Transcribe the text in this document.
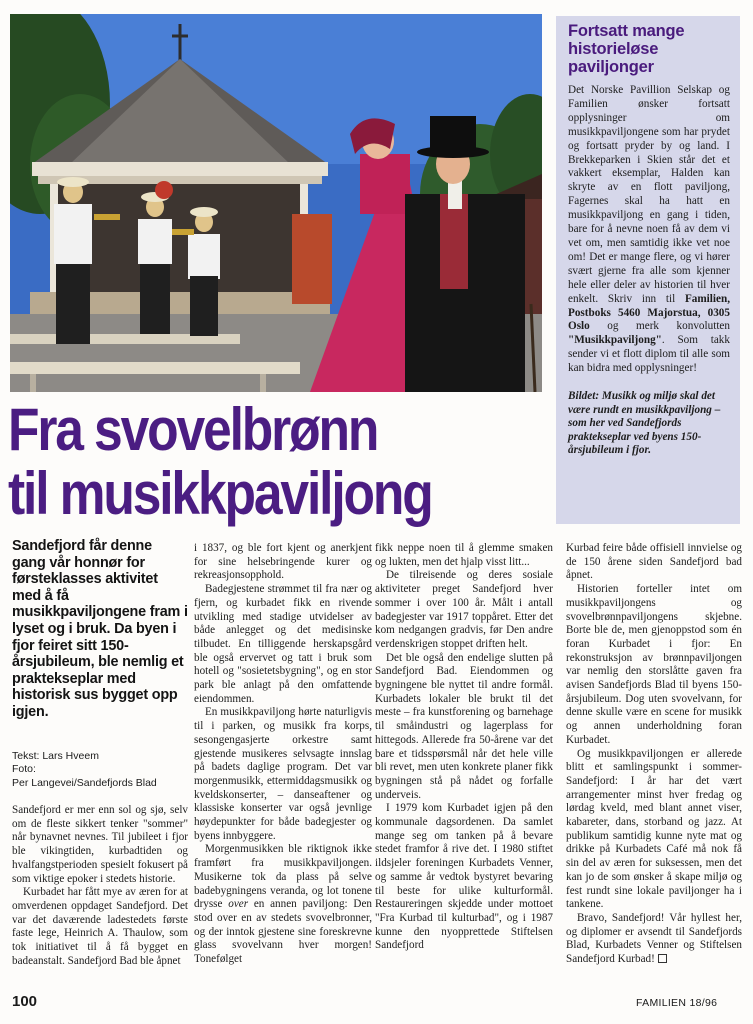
Fortsatt mange historieløse paviljonger

Det Norske Pavillion Selskap og Familien ønsker fortsatt opplysninger om musikkpaviljongene som har prydet og fortsatt pryder by og land. I Brekkeparken i Skien står det et vakkert eksemplar, Halden kan skryte av en flott paviljong, Fagernes skal ha hatt en musikkpaviljong en gang i tiden, bare for å nevne noen få av dem vi vet om, men samtidig ikke vet noe om! Det er mange flere, og vi hører svært gjerne fra alle som kjenner hele eller deler av historien til hver enkelt. Skriv inn til Familien, Postboks 5460 Majorstua, 0305 Oslo og merk konvolutten "Musikkpaviljong". Som takk sender vi et flott diplom til alle som kan bidra med opplysninger!

Bildet: Musikk og miljø skal det være rundt en musikkpaviljong – som her ved Sandefjords praktekseplar ved byens 150-årsjubileum i fjor.

Fra svovelbrønn
til musikkpaviljong

Sandefjord får denne gang vår honnør for førsteklasses aktivitet med å få musikkpaviljongene fram i lyset og i bruk. Da byen i fjor feiret sitt 150-årsjubileum, ble nemlig et praktekseplar med historisk sus bygget opp igjen.

Tekst: Lars Hveem
Foto:
Per Langevei/Sandefjords Blad

Sandefjord er mer enn sol og sjø, selv om de fleste sikkert tenker "sommer" når bynavnet nevnes. Til jubileet i fjor ble vikingtiden, kurbadtiden og hvalfangstperioden spesielt fokusert på som viktige epoker i stedets historie.

Kurbadet har fått mye av æren for at omverdenen oppdaget Sandefjord. Det var det daværende ladestedets første faste lege, Heinrich A. Thaulow, som tok initiativet til å få bygget en badeanstalt. Sandefjord Bad ble åpnet

i 1837, og ble fort kjent og anerkjent for sine helsebringende kurer og rekreasjonsopphold.

Badegjestene strømmet til fra nær og fjern, og kurbadet fikk en rivende utvikling med stadige utvidelser av både anlegget og det medisinske tilbudet. En tilliggende herskapsgård ble også ervervet og tatt i bruk som hotell og "sosietetsbygning", og en stor park ble anlagt på den omfattende eiendommen.

En musikkpaviljong hørte naturligvis til i parken, og musikk fra korps, sesongengasjerte orkestre samt gjestende musikeres selvsagte innslag på badets daglige program. Det var morgenmusikk, ettermiddagsmusikk og kveldskonserter, – danseaftener og klassiske konserter var også jevnlige høydepunkter for både badegjester og byens innbyggere.

Morgenmusikken ble riktignok ikke framført fra musikkpaviljongen. Musikerne tok da plass på selve badebygningens veranda, og lot tonene drysse over en annen paviljong: Den stod over en av stedets svovelbronner, og der inntok gjestene sine foreskrevne glass svovelvann hver morgen! Tonefølget

fikk neppe noen til å glemme smaken og lukten, men det hjalp visst litt...

De tilreisende og deres sosiale aktiviteter preget Sandefjord hver sommer i over 100 år. Målt i antall badegjester var 1917 toppåret. Etter det kom nedgangen gradvis, før Den andre verdenskrigen stoppet driften helt.

Det ble også den endelige slutten på Sandefjord Bad. Eiendommen og bygningene ble nyttet til andre formål. Kurbadets lokaler ble brukt til det meste – fra kunstforening og barnehage til småindustri og lagerplass for hittegods. Allerede fra 50-årene var det bare et tidsspørsmål når det hele ville bli revet, men uten konkrete planer fikk bygningen stå på nådet og forfalle underveis.

I 1979 kom Kurbadet igjen på den kommunale dagsordenen. Da samlet mange seg om tanken på å bevare stedet framfor å rive det. I 1980 stiftet ildsjeler foreningen Kurbadets Venner, og samme år vedtok bystyret bevaring til beste for ulike kulturformål. Restaureringen skjedde under mottoet "Fra Kurbad til kulturbad", og i 1987 kunne den nyopprettede Stiftelsen Sandefjord

Kurbad feire både offisiell innvielse og de 150 årene siden Sandefjord bad åpnet.

Historien forteller intet om musikkpaviljongens og svovelbrønnpaviljongens skjebne. Borte ble de, men gjenoppstod som én foran Kurbadet i fjor: En rekonstruksjon av brønnpaviljongen var nemlig den storslåtte gaven fra avisen Sandefjords Blad til byens 150-årsjubileum. Dog uten svovelvann, for denne skulle være en scene for musikk og annen underholdning foran Kurbadet.

Og musikkpaviljongen er allerede blitt et samlingspunkt i sommer-Sandefjord: I år har det vært arrangementer minst hver fredag og lørdag kveld, med blant annet viser, kabareter, dans, storband og jazz. At publikum samtidig kunne nyte mat og drikke på Kurbadets Café må nok få sin del av æren for suksessen, men det kan jo de som ønsker å skape miljø og fest rundt sine lokale paviljonger ha i tankene.

Bravo, Sandefjord! Vår hyllest her, og diplomer er avsendt til Sandefjords Blad, Kurbadets Venner og Stiftelsen Sandefjord Kurbad!

100	FAMILIEN 18/96
